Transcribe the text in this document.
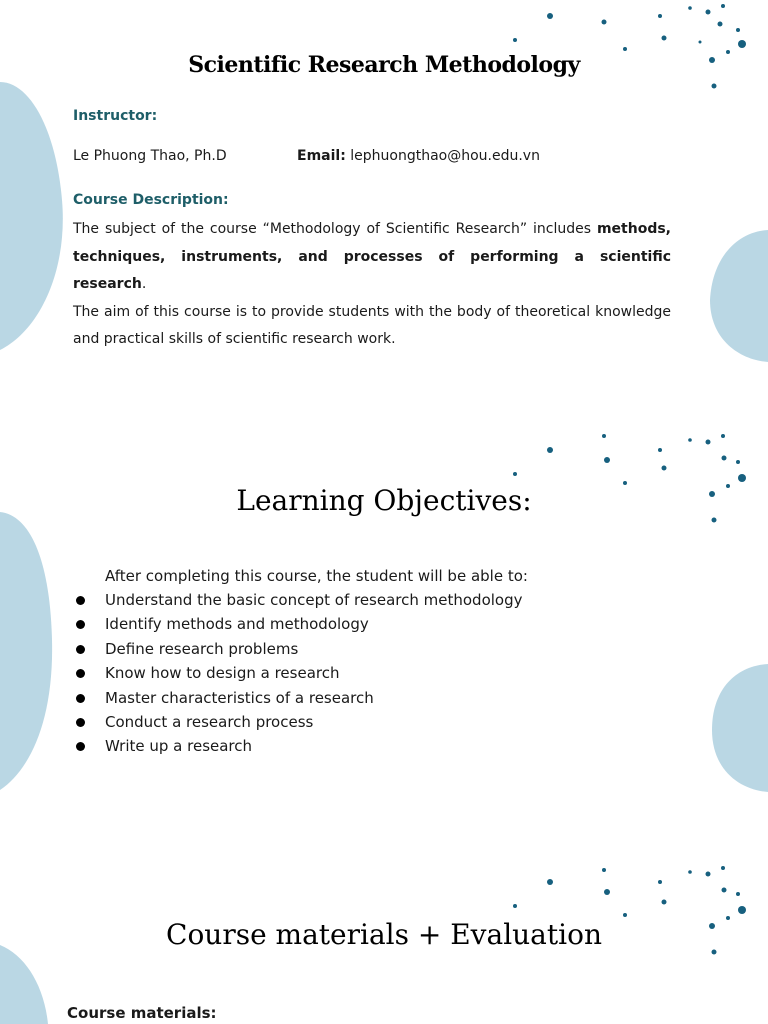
Scientific Research Methodology

Instructor:

Le Phuong Thao, Ph.D	Email: lephuongthao@hou.edu.vn

Course Description:

The subject of the course “Methodology of Scientific Research” includes methods, techniques, instruments, and processes of performing a scientific research.
The aim of this course is to provide students with the body of theoretical knowledge and practical skills of scientific research work.

Learning Objectives:

After completing this course, the student will be able to:

Understand the basic concept of research methodology
Identify methods and methodology
Define research problems
Know how to design a research
Master characteristics of a research
Conduct a research process
Write up a research
Course materials + Evaluation

Course materials:
